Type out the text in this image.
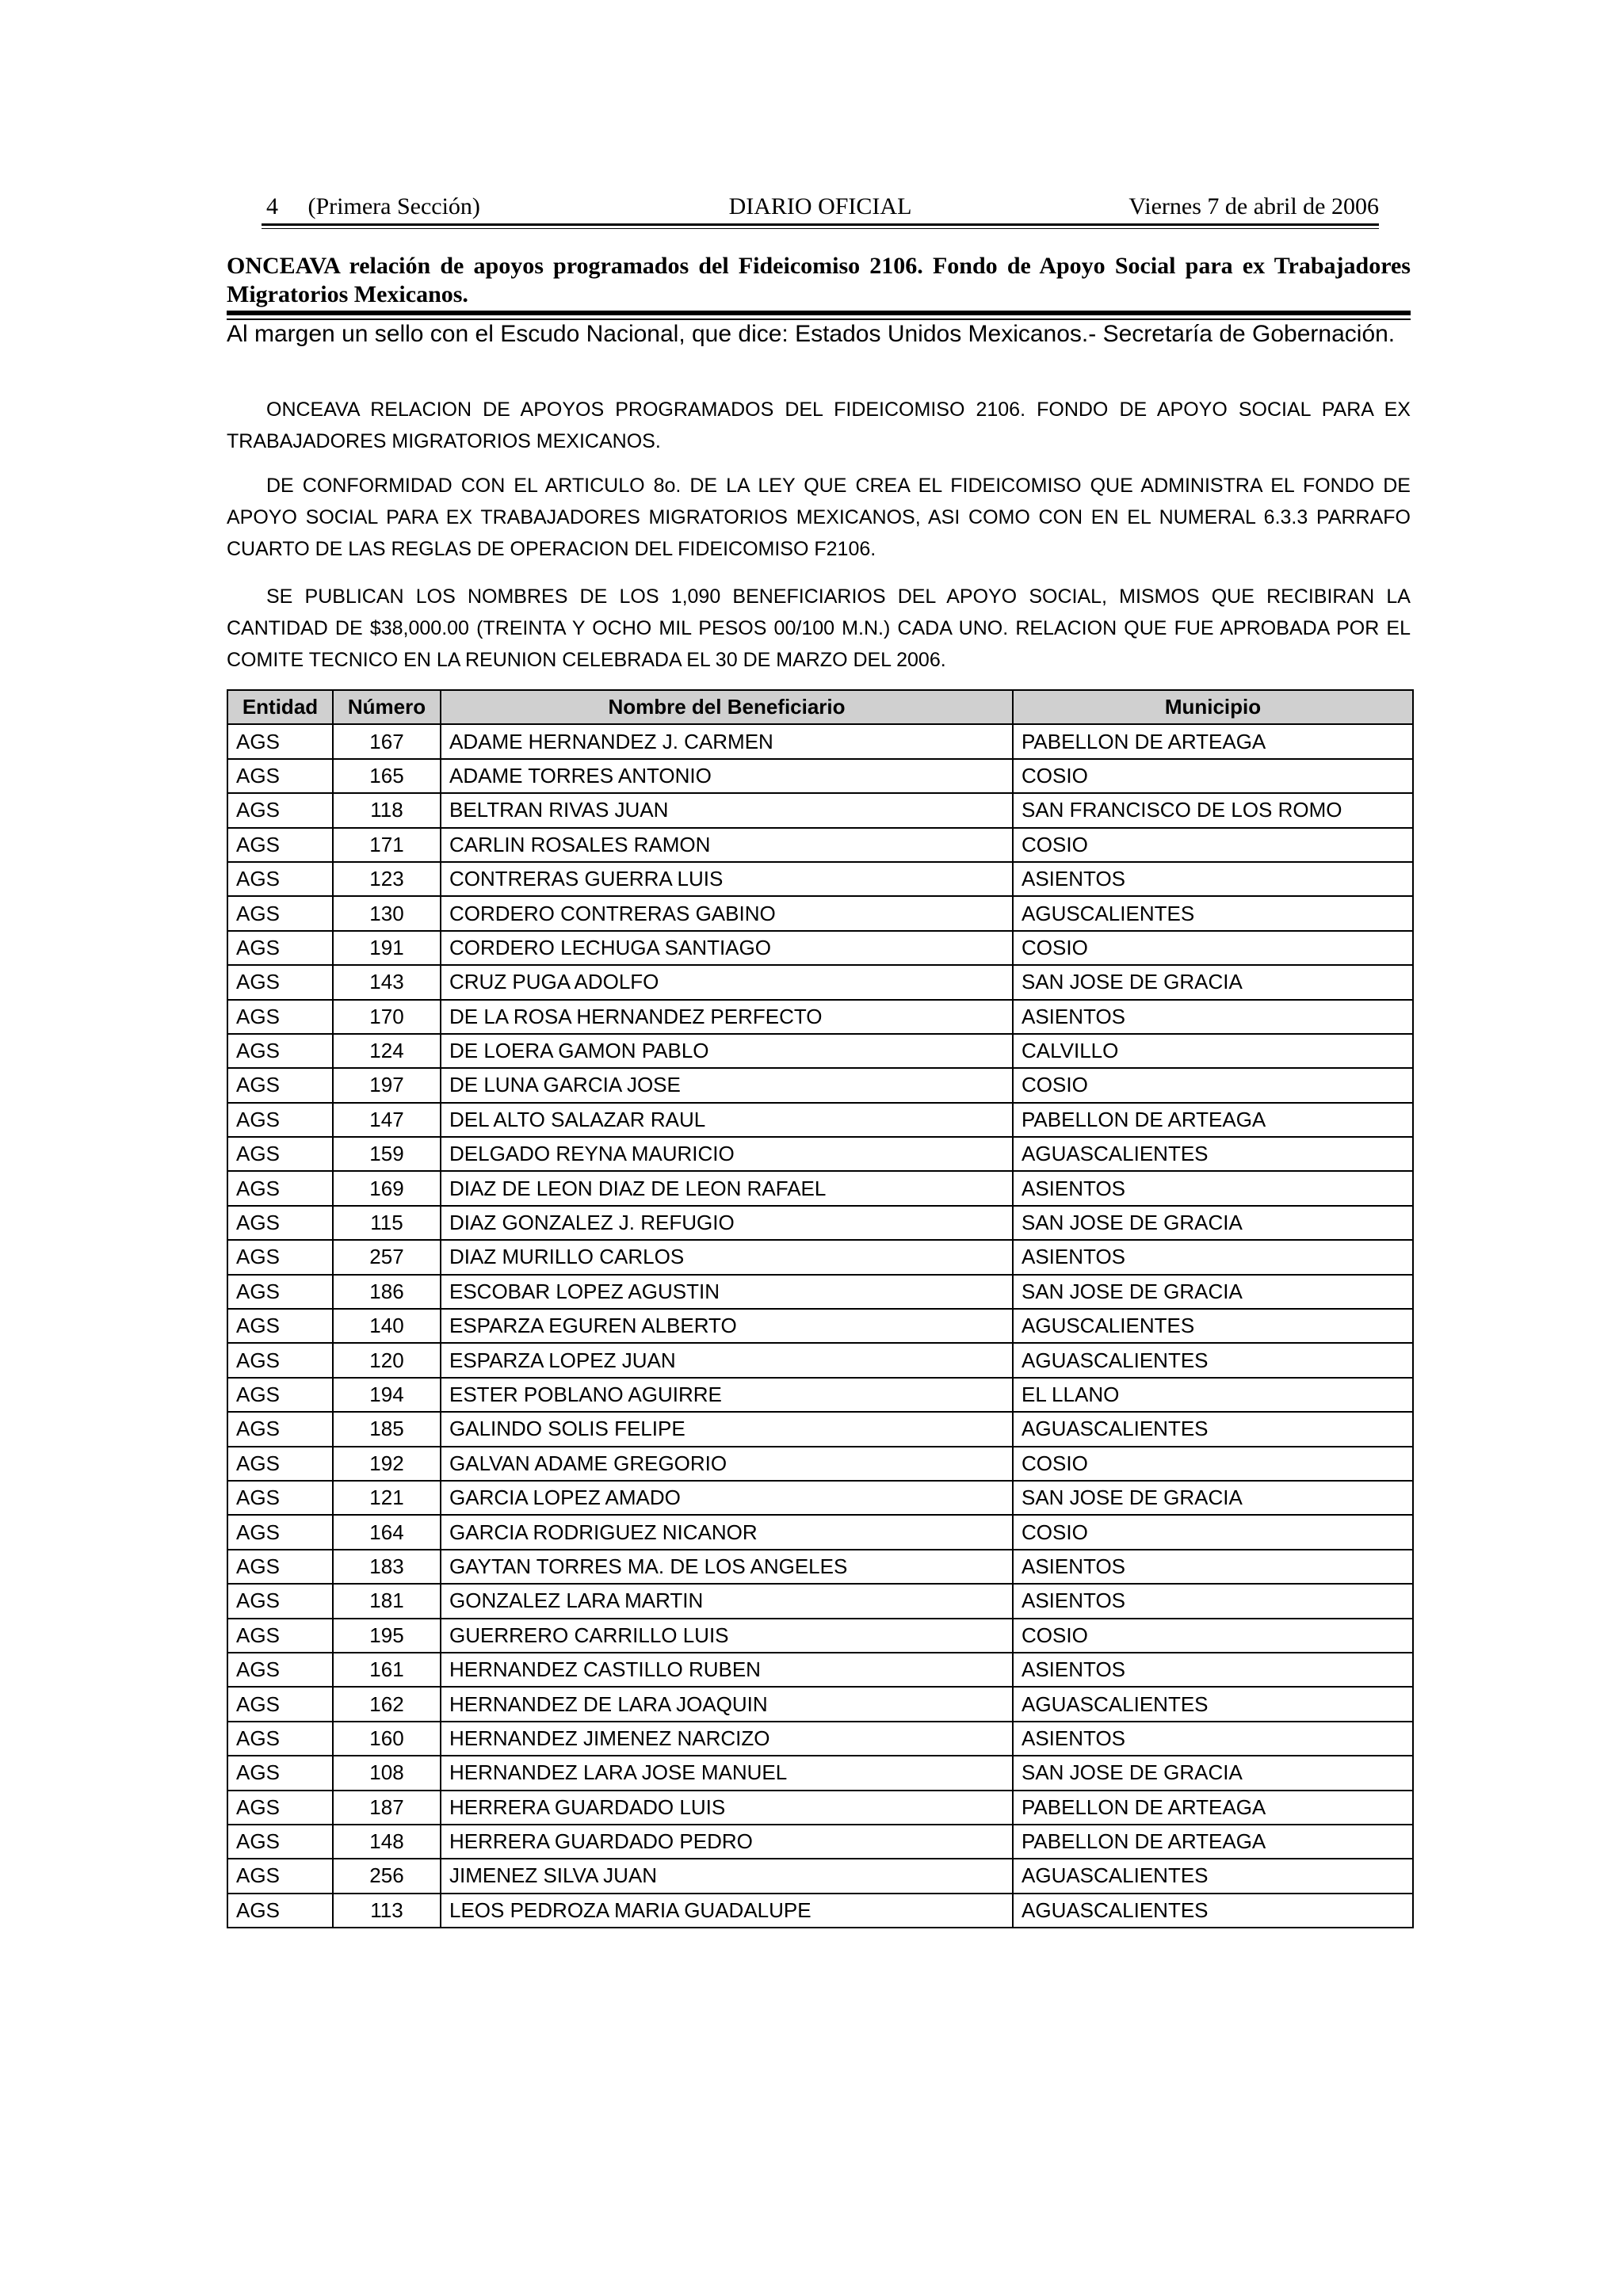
4     (Primera Sección)	DIARIO OFICIAL	Viernes 7 de abril de 2006
ONCEAVA relación de apoyos programados del Fideicomiso 2106. Fondo de Apoyo Social para ex Trabajadores Migratorios Mexicanos.
Al margen un sello con el Escudo Nacional, que dice: Estados Unidos Mexicanos.- Secretaría de Gobernación.
ONCEAVA RELACION DE APOYOS PROGRAMADOS DEL FIDEICOMISO 2106. FONDO DE APOYO SOCIAL PARA EX TRABAJADORES MIGRATORIOS MEXICANOS.
DE CONFORMIDAD CON EL ARTICULO 8o. DE LA LEY QUE CREA EL FIDEICOMISO QUE ADMINISTRA EL FONDO DE APOYO SOCIAL PARA EX TRABAJADORES MIGRATORIOS MEXICANOS, ASI COMO CON EN EL NUMERAL 6.3.3 PARRAFO CUARTO DE LAS REGLAS DE OPERACION DEL FIDEICOMISO F2106.
SE PUBLICAN LOS NOMBRES DE LOS 1,090 BENEFICIARIOS DEL APOYO SOCIAL, MISMOS QUE RECIBIRAN LA CANTIDAD DE $38,000.00 (TREINTA Y OCHO MIL PESOS 00/100 M.N.) CADA UNO. RELACION QUE FUE APROBADA POR EL COMITE TECNICO EN LA REUNION CELEBRADA EL 30 DE MARZO DEL 2006.
Entidad	Número	Nombre del Beneficiario	Municipio
AGS	167	ADAME HERNANDEZ J. CARMEN	PABELLON DE ARTEAGA
AGS	165	ADAME TORRES ANTONIO	COSIO
AGS	118	BELTRAN RIVAS JUAN	SAN FRANCISCO DE LOS ROMO
AGS	171	CARLIN ROSALES RAMON	COSIO
AGS	123	CONTRERAS GUERRA LUIS	ASIENTOS
AGS	130	CORDERO CONTRERAS GABINO	AGUSCALIENTES
AGS	191	CORDERO LECHUGA SANTIAGO	COSIO
AGS	143	CRUZ PUGA ADOLFO	SAN JOSE DE GRACIA
AGS	170	DE LA ROSA HERNANDEZ PERFECTO	ASIENTOS
AGS	124	DE LOERA GAMON PABLO	CALVILLO
AGS	197	DE LUNA GARCIA JOSE	COSIO
AGS	147	DEL ALTO SALAZAR RAUL	PABELLON DE ARTEAGA
AGS	159	DELGADO REYNA MAURICIO	AGUASCALIENTES
AGS	169	DIAZ DE LEON DIAZ DE LEON RAFAEL	ASIENTOS
AGS	115	DIAZ GONZALEZ J. REFUGIO	SAN JOSE DE GRACIA
AGS	257	DIAZ MURILLO CARLOS	ASIENTOS
AGS	186	ESCOBAR LOPEZ AGUSTIN	SAN JOSE DE GRACIA
AGS	140	ESPARZA EGUREN ALBERTO	AGUSCALIENTES
AGS	120	ESPARZA LOPEZ JUAN	AGUASCALIENTES
AGS	194	ESTER POBLANO AGUIRRE	EL LLANO
AGS	185	GALINDO SOLIS FELIPE	AGUASCALIENTES
AGS	192	GALVAN ADAME GREGORIO	COSIO
AGS	121	GARCIA LOPEZ AMADO	SAN JOSE DE GRACIA
AGS	164	GARCIA RODRIGUEZ NICANOR	COSIO
AGS	183	GAYTAN TORRES MA. DE LOS ANGELES	ASIENTOS
AGS	181	GONZALEZ LARA MARTIN	ASIENTOS
AGS	195	GUERRERO CARRILLO LUIS	COSIO
AGS	161	HERNANDEZ CASTILLO RUBEN	ASIENTOS
AGS	162	HERNANDEZ DE LARA JOAQUIN	AGUASCALIENTES
AGS	160	HERNANDEZ JIMENEZ NARCIZO	ASIENTOS
AGS	108	HERNANDEZ LARA JOSE MANUEL	SAN JOSE DE GRACIA
AGS	187	HERRERA GUARDADO LUIS	PABELLON DE ARTEAGA
AGS	148	HERRERA GUARDADO PEDRO	PABELLON DE ARTEAGA
AGS	256	JIMENEZ SILVA JUAN	AGUASCALIENTES
AGS	113	LEOS PEDROZA MARIA GUADALUPE	AGUASCALIENTES
